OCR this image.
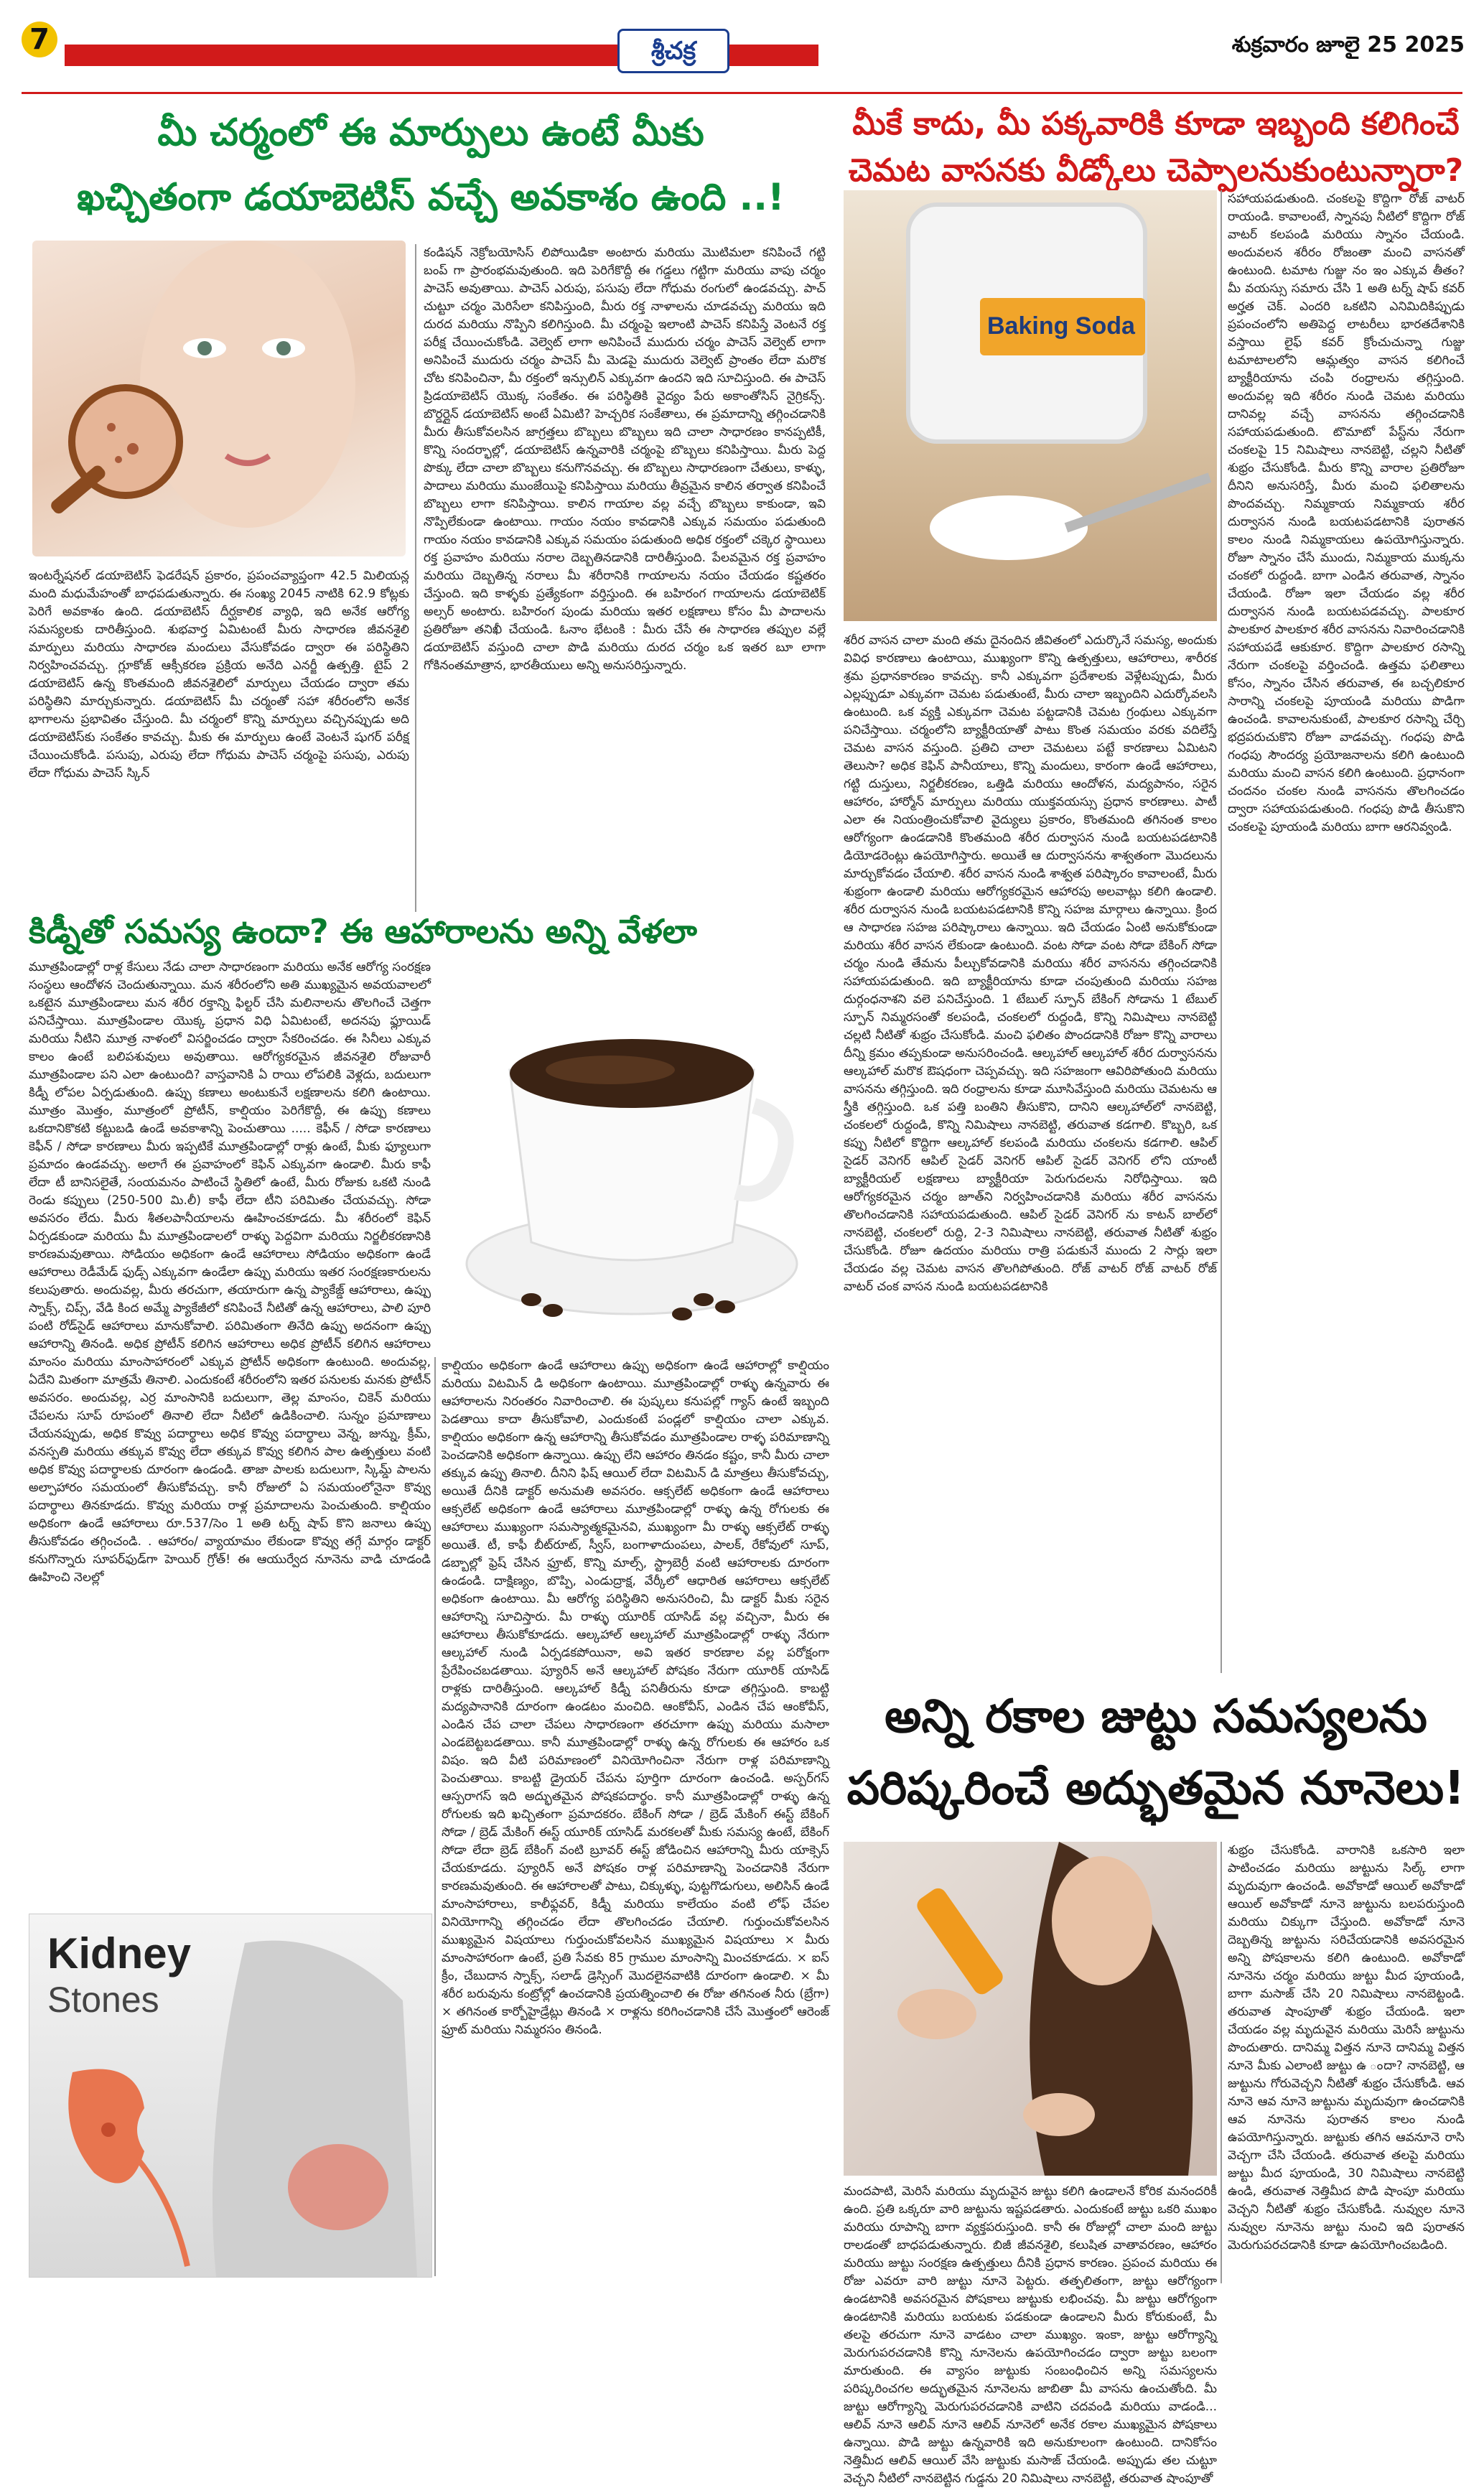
7	శ్రీచక్ర	శుక్రవారం జూలై 25 2025
మీ చర్మంలో ఈ మార్పులు ఉంటే మీకు
ఖచ్చితంగా డయాబెటిస్ వచ్చే అవకాశం ఉంది ..!
కండిషన్ నెక్రోబయోసిస్ లిపోయిడికా అంటారు మరియు మొటిమలా కనిపించే గట్టి బంప్ గా ప్రారంభమవుతుంది. ఇది పెరిగేకొద్దీ ఈ గడ్డలు గట్టిగా మరియు వాపు చర్మం పాచెస్ అవుతాయి. పాచెస్ ఎరుపు, పసుపు లేదా గోధుమ రంగులో ఉండవచ్చు. పాచ్ చుట్టూ చర్మం మెరిసేలా కనిపిస్తుంది, మీరు రక్త నాళాలను చూడవచ్చు మరియు ఇది దురద మరియు నొప్పిని కలిగిస్తుంది. మీ చర్మంపై ఇలాంటి పాచెస్ కనిపిస్తే వెంటనే రక్త పరీక్ష చేయించుకోండి. వెల్వెట్ లాగా అనిపించే ముదురు చర్మం పాచెస్ వెల్వెట్ లాగా అనిపించే ముదురు చర్మం పాచెస్ మీ మెడపై ముదురు వెల్వెట్ ప్రాంతం లేదా మరొక చోట కనిపించినా, మీ రక్తంలో ఇన్సులిన్ ఎక్కువగా ఉందని ఇది సూచిస్తుంది. ఈ పాచెస్ ప్రిడయాబెటిస్ యొక్క సంకేతం. ఈ పరిస్థితికి వైద్యం పేరు అకాంతోసిస్ నైగ్రికన్స్. బొర్డర్లైన్ డయాబెటిస్ అంటే ఏమిటి? హెచ్చరిక సంకేతాలు, ఈ ప్రమాదాన్ని తగ్గించడానికి మీరు తీసుకోవలసిన జాగ్రత్తలు బొబ్బలు బొబ్బలు ఇది చాలా సాధారణం కానప్పటికీ, కొన్ని సందర్భాల్లో, డయాబెటిస్ ఉన్నవారికి చర్మంపై బొబ్బలు కనిపిస్తాయి. మీరు పెద్ద పొక్కు లేదా చాలా బొబ్బలు కనుగొనవచ్చు. ఈ బొబ్బలు సాధారణంగా చేతులు, కాళ్ళు, పాదాలు మరియు ముంజేయిపై కనిపిస్తాయి మరియు తీవ్రమైన కాలిన తర్వాత కనిపించే బొబ్బలు లాగా కనిపిస్తాయి. కాలిన గాయాల వల్ల వచ్చే బొబ్బలు కాకుండా, ఇవి నొప్పిలేకుండా ఉంటాయి. గాయం నయం కావడానికి ఎక్కువ సమయం పడుతుంది గాయం నయం కావడానికి ఎక్కువ సమయం పడుతుంది అధిక రక్తంలో చక్కెర స్థాయిలు రక్త ప్రవాహం మరియు నరాల దెబ్బతినడానికి దారితీస్తుంది. పేలవమైన రక్త ప్రవాహం మరియు దెబ్బతిన్న నరాలు మీ శరీరానికి గాయాలను నయం చేయడం కష్టతరం చేస్తుంది. ఇది కాళ్ళకు ప్రత్యేకంగా వర్తిస్తుంది. ఈ బహిరంగ గాయాలను డయాబెటిక్ అల్సర్ అంటారు. బహిరంగ పుండు మరియు ఇతర లక్షణాలు కోసం మీ పాదాలను ప్రతిరోజూ తనిఖీ చేయండి. ఓనాం భేటంకి : మీరు చేసే ఈ సాధారణ తప్పుల వల్లే డయాబెటిస్ వస్తుంది చాలా పొడి మరియు దురద చర్మం ఒక ఇతర బూ లాగా గోకినంతమాత్రాన, భారతీయులు అన్ని అనుసరిస్తున్నారు.
ఇంటర్నేషనల్ డయాబెటిస్ ఫెడరేషన్ ప్రకారం, ప్రపంచవ్యాప్తంగా 42.5 మిలియన్ల మంది మధుమేహంతో బాధపడుతున్నారు. ఈ సంఖ్య 2045 నాటికి 62.9 కోట్లకు పెరిగే అవకాశం ఉంది. డయాబెటిస్ దీర్ఘకాలిక వ్యాధి, ఇది అనేక ఆరోగ్య సమస్యలకు దారితీస్తుంది. శుభవార్త ఏమిటంటే మీరు సాధారణ జీవనశైలి మార్పులు మరియు సాధారణ మందులు వేసుకోవడం ద్వారా ఈ పరిస్థితిని నిర్వహించవచ్చు. గ్లూకోజ్ ఆక్సీకరణ ప్రక్రియ అనేది ఎనర్జీ ఉత్పత్తి. టైప్ 2 డయాబెటిస్ ఉన్న కొంతమంది జీవనశైలిలో మార్పులు చేయడం ద్వారా తమ పరిస్థితిని మార్చుకున్నారు. డయాబెటిస్ మీ చర్మంతో సహా శరీరంలోని అనేక భాగాలను ప్రభావితం చేస్తుంది. మీ చర్మంలో కొన్ని మార్పులు వచ్చినప్పుడు అది డయాబెటిస్‌కు సంకేతం కావచ్చు. మీకు ఈ మార్పులు ఉంటే వెంటనే షుగర్ పరీక్ష చేయించుకోండి. పసుపు, ఎరుపు లేదా గోధుమ పాచెస్ చర్మంపై పసుపు, ఎరుపు లేదా గోధుమ పాచెస్ స్కిన్
కిడ్నీతో సమస్య ఉందా? ఈ ఆహారాలను అన్ని వేళలా
మూత్రపిండాల్లో రాళ్ల కేసులు నేడు చాలా సాధారణంగా మరియు అనేక ఆరోగ్య సంరక్షణ సంస్థలు ఆందోళన చెందుతున్నాయి. మన శరీరంలోని అతి ముఖ్యమైన అవయవాలలో ఒకటైన మూత్రపిండాలు మన శరీర రక్తాన్ని ఫిల్టర్ చేసి మలినాలను తొలగించే చెత్తగా పనిచేస్తాయి. మూత్రపిండాల యొక్క ప్రధాన విధి ఏమిటంటే, అదనపు ఫ్లూయిడ్ మరియు నీటిని మూత్ర నాళంలో విసర్జించడం ద్వారా సేకరించడం. ఈ సినీలు ఎక్కువ కాలం ఉంటే బలిపశువులు అవుతాయి. ఆరోగ్యకరమైన జీవనశైలి రోజువారీ మూత్రపిండాల పని ఎలా ఉంటుంది? వాస్తవానికి ఏ రాయి లోపలికి వెళ్లదు, బదులుగా కిడ్నీ లోపల ఏర్పడుతుంది. ఉప్పు కణాలు అంటుకునే లక్షణాలను కలిగి ఉంటాయి. మూత్రం మొత్తం, మూత్రంలో ప్రోటీన్, కాల్షియం పెరిగేకొద్దీ, ఈ ఉప్పు కణాలు ఒకదానికొకటి కట్టుబడి ఉండే అవకాశాన్ని పెంచుతాయి ..... కెఫీన్ / సోడా కారణాలు కెఫీన్ / సోడా కారణాలు మీరు ఇప్పటికే మూత్రపిండాల్లో రాళ్లు ఉంటే, మీకు ఫ్యూలుగా ప్రమాదం ఉండవచ్చు. అలాగే ఈ ప్రవాహంలో కెఫిన్ ఎక్కువగా ఉండాలి. మీరు కాఫీ లేదా టీ బానిసలైతే, సంయమనం పాటించే స్థితిలో ఉంటే, మీరు రోజుకు ఒకటి నుండి రెండు కప్పులు (250-500 మి.లీ) కాఫీ లేదా టీని పరిమితం చేయవచ్చు. సోడా అవసరం లేదు. మీరు శీతలపానీయాలను ఊహించకూడదు. మీ శరీరంలో కెఫిన్ ఏర్పడకుండా మరియు మీ మూత్రపిండాలలో రాళ్ళు పెద్దవిగా మరియు నిర్జలీకరణానికి కారణమవుతాయి. సోడియం అధికంగా ఉండే ఆహారాలు సోడియం అధికంగా ఉండే ఆహారాలు రెడీమేడ్ ఫుడ్స్ ఎక్కువగా ఉండేలా ఉప్పు మరియు ఇతర సంరక్షణకారులను కలుపుతారు. అందువల్ల, మీరు తరచుగా, తయారుగా ఉన్న ప్యాకేజ్డ్ ఆహారాలు, ఉప్పు స్నాక్స్, చిప్స్, వేడి కింద అమ్మే ప్యాకేజీలో కనిపించే నీటితో ఉన్న ఆహారాలు, పాలి పూరి పంటి రోడ్‌సైడ్ ఆహారాలు మానుకోవాలి. పరిమితంగా తినేది ఉప్పు అదనంగా ఉప్పు ఆహారాన్ని తినండి. అధిక ప్రోటీన్ కలిగిన ఆహారాలు అధిక ప్రోటీన్ కలిగిన ఆహారాలు మాంసం మరియు మాంసాహారంలో ఎక్కువ ప్రోటీన్ అధికంగా ఉంటుంది. అందువల్ల, ఏదేని మితంగా మాత్రమే తినాలి. ఎందుకంటే శరీరంలోని ఇతర పనులకు మనకు ప్రోటీన్ అవసరం. అందువల్ల, ఎర్ర మాంసానికి బదులుగా, తెల్ల మాంసం, చికెన్ మరియు చేపలను సూప్ రూపంలో తినాలి లేదా నీటిలో ఉడికించాలి. సున్నం ప్రమాణాలు చేయనప్పుడు, అధిక కొవ్వు పదార్థాలు అధిక కొవ్వు పదార్థాలు వెన్న, జున్ను, క్రీమ్, వనస్పతి మరియు తక్కువ కొవ్వు లేదా తక్కువ కొవ్వు కలిగిన పాల ఉత్పత్తులు వంటి అధిక కొవ్వు పదార్థాలకు దూరంగా ఉండండి. తాజా పాలకు బదులుగా, స్కిమ్డ్ పాలను అల్పాహారం సమయంలో తీసుకోవచ్చు. కానీ రోజులో ఏ సమయంలోనైనా కొవ్వు పదార్థాలు తినకూడదు. కొవ్వు మరియు రాళ్ల ప్రమాదాలను పెంచుతుంది. కాల్షియం అధికంగా ఉండే ఆహారాలు రూ.537/సెం 1 అతి టర్న్ షాప్ కొని జనాలు ఉప్పు తీసుకోవడం తగ్గించండి. . ఆహారం/ వ్యాయామం లేకుండా కొవ్వు తగ్గే మార్గం డాక్టర్ కనుగొన్నారు సూపర్‌ఫుడ్‌గా హెయిర్ గ్రోత్! ఈ ఆయుర్వేద నూనెను వాడి చూడండి ఊహించి నెలల్లో
కాల్షియం అధికంగా ఉండే ఆహారాలు ఉప్పు అధికంగా ఉండే ఆహారాల్లో కాల్షియం మరియు విటమిన్ డి అధికంగా ఉంటాయి. మూత్రపిండాల్లో రాళ్ళు ఉన్నవారు ఈ ఆహారాలను నిరంతరం నివారించాలి. ఈ పుష్కలు కనుపల్లో గ్యాస్ ఉంటే ఇబ్బంది పెడతాయి కాదా తీసుకోవాలి, ఎందుకంటే పండ్లలో కాల్షియం చాలా ఎక్కువ. కాల్షియం అధికంగా ఉన్న ఆహారాన్ని తీసుకోవడం మూత్రపిండాల రాళ్ళ పరిమాణాన్ని పెంచడానికి అధికంగా ఉన్నాయి. ఉప్పు లేని ఆహారం తినడం కష్టం, కానీ మీరు చాలా తక్కువ ఉప్పు తినాలి. దీనిని ఫిష్ ఆయిల్ లేదా విటమిన్ డి మాత్రలు తీసుకోవచ్చు, అయితే దీనికి డాక్టర్ అనుమతి అవసరం. ఆక్సలేట్ అధికంగా ఉండే ఆహారాలు ఆక్సలేట్ అధికంగా ఉండే ఆహారాలు మూత్రపిండాల్లో రాళ్ళు ఉన్న రోగులకు ఈ ఆహారాలు ముఖ్యంగా సమస్యాత్మకమైనవి, ముఖ్యంగా మీ రాళ్ళు ఆక్సలేట్ రాళ్ళు అయితే. టీ, కాఫీ బీట్‌రూట్, స్వీస్, బంగాళాదుంపలు, పాలక్, రేకోవులో సూప్, డబ్బాల్లో ఫ్రెష్ చేసిన ఫ్రూట్, కొన్ని మాల్స్, స్ట్రాబెర్రీ వంటి ఆహారాలకు దూరంగా ఉండండి. దాక్షిణ్యం, బొప్పి, ఎండుద్రాక్ష, వేర్కీలో ఆధారిత ఆహారాలు ఆక్సలేట్ అధికంగా ఉంటాయి. మీ ఆరోగ్య పరిస్థితిని అనుసరించి, మీ డాక్టర్ మీకు సరైన ఆహారాన్ని సూచిస్తారు. మీ రాళ్ళు యూరిక్ యాసిడ్ వల్ల వచ్చినా, మీరు ఈ ఆహారాలు తీసుకోకూడదు. ఆల్కహాల్ ఆల్కహాల్ మూత్రపిండాల్లో రాళ్ళు నేరుగా ఆల్కహాల్ నుండి ఏర్పడకపోయినా, అవి ఇతర కారణాల వల్ల పరోక్షంగా ప్రేరేపించబడతాయి. ప్యూరిన్ అనే ఆల్కహాల్ పోషకం నేరుగా యూరిక్ యాసిడ్ రాళ్లకు దారితీస్తుంది. ఆల్కహాల్ కిడ్నీ పనితీరును కూడా తగ్గిస్తుంది. కాబట్టి మద్యపానానికి దూరంగా ఉండటం మంచిది. ఆంకోవీస్, ఎండిన చేప ఆంకోవీస్, ఎండిన చేప చాలా చేపలు సాధారణంగా తరచూగా ఉప్పు మరియు మసాలా ఎండబెట్టబడతాయి. కానీ మూత్రపిండాల్లో రాళ్ళు ఉన్న రోగులకు ఈ ఆహారం ఒక విషం. ఇది వీటి పరిమాణంలో వినియోగించినా నేరుగా రాళ్ల పరిమాణాన్ని పెంచుతాయి. కాబట్టి డ్రైయర్ చేపను పూర్తిగా దూరంగా ఉంచండి. అస్పర్‌గస్ ఆస్పరాగస్ ఇది అద్భుతమైన పోషకపదార్థం. కానీ మూత్రపిండాల్లో రాళ్ళు ఉన్న రోగులకు ఇది ఖచ్చితంగా ప్రమాదకరం. బేకింగ్ సోడా / బ్రెడ్ మేకింగ్ ఈస్ట్ బేకింగ్ సోడా / బ్రెడ్ మేకింగ్ ఈస్ట్ యూరిక్ యాసిడ్ మరకలతో మీకు సమస్య ఉంటే, బేకింగ్ సోడా లేదా బ్రెడ్ బేకింగ్ వంటి బ్రూవర్ ఈస్ట్ జోడించిన ఆహారాన్ని మీరు యాక్సెస్ చేయకూడదు. ప్యూరిన్ అనే పోషకం రాళ్ల పరిమాణాన్ని పెంచడానికి నేరుగా కారణమవుతుంది. ఈ ఆహారాలతో పాటు, చిక్కుళ్ళు, పుట్టగొడుగులు, అలిసిన్ ఉండే మాంసాహారాలు, కాలీఫ్లవర్, కిడ్నీ మరియు కాలేయం వంటి లోఫ్ చేపల వినియోగాన్ని తగ్గించడం లేదా తొలగించడం చేయాలి. గుర్తుంచుకోవలసిన ముఖ్యమైన విషయాలు గుర్తుంచుకోవలసిన ముఖ్యమైన విషయాలు × మీరు మాంసాహారంగా ఉంటే, ప్రతి సేవకు 85 గ్రాముల మాంసాన్ని మించకూడదు. × ఐస్ క్రీం, చేబుదాన స్నాక్స్, సలాడ్ డ్రెస్సింగ్ మొదలైనవాటికి దూరంగా ఉండాలి. × మీ శరీర బరువును కంట్రోల్లో ఉంచడానికి ప్రయత్నించాలి ఈ రోజు తగినంత నీరు (బ్రేగా) × తగినంత కార్బోహైడ్రేట్లు తినండి × రాళ్లను కరిగించడానికి చేసే మొత్తంలో ఆరెంజ్ ఫ్రూట్ మరియు నిమ్మరసం తినండి.
Kidney
Stones
మీకే కాదు, మీ పక్కవారికి కూడా ఇబ్బంది కలిగించే
చెమట వాసనకు వీడ్కోలు చెప్పాలనుకుంటున్నారా?
Baking Soda
శరీర వాసన చాలా మంది తమ దైనందిన జీవితంలో ఎదుర్కొనే సమస్య, అందుకు వివిధ కారణాలు ఉంటాయి, ముఖ్యంగా కొన్ని ఉత్పత్తులు, ఆహారాలు, శారీరక శ్రమ ప్రధానకారణం కావచ్చు. కానీ ఎక్కువగా ప్రదేశాలకు వెళ్లేటప్పుడు, మీరు ఎల్లప్పుడూ ఎక్కువగా చెమట పడుతుంటే, మీరు చాలా ఇబ్బందిని ఎదుర్కోవలసి ఉంటుంది. ఒక వ్యక్తి ఎక్కువగా చెమట పట్టడానికి చెమట గ్రంథులు ఎక్కువగా పనిచేస్తాయి. చర్మంలోని బ్యాక్టీరియాతో పాటు కొంత సమయం వరకు వదిలేస్తే చెమట వాసన వస్తుంది. ప్రతిచి చాలా చెమటలు పట్టే కారణాలు ఏమిటని తెలుసా? అధిక కెఫిన్ పానీయాలు, కొన్ని మందులు, కారంగా ఉండే ఆహారాలు, గట్టి దుస్తులు, నిర్జలీకరణం, ఒత్తిడి మరియు ఆందోళన, మద్యపానం, సరైన ఆహారం, హార్మోన్ మార్పులు మరియు యుక్తవయస్సు ప్రధాన కారణాలు. పాటీ ఎలా ఈ నియంత్రించుకోవాలి వైద్యులు ప్రకారం, కొంతమంది తగినంత కాలం ఆరోగ్యంగా ఉండడానికి కొంతమంది శరీర దుర్వాసన నుండి బయటపడటానికి డియోడరెంట్లు ఉపయోగిస్తారు. అయితే ఆ దుర్వాసనను శాశ్వతంగా మొదలును మార్చుకోవడం చేయాలి. శరీర వాసన నుండి శాశ్వత పరిష్కారం కావాలంటే, మీరు శుభ్రంగా ఉండాలి మరియు ఆరోగ్యకరమైన ఆహారపు అలవాట్లు కలిగి ఉండాలి. శరీర దుర్వాసన నుండి బయటపడటానికి కొన్ని సహజ మార్గాలు ఉన్నాయి. క్రింద ఆ సాధారణ సహజ పరిష్కారాలు ఉన్నాయి. ఇది చేయడం ఏంటి అనుకోకుండా మరియు శరీర వాసన లేకుండా ఉంటుంది. వంట సోడా వంట సోడా బేకింగ్ సోడా చర్మం నుండి తేమను పీల్చుకోవడానికి మరియు శరీర వాసనను తగ్గించడానికి సహాయపడుతుంది. ఇది బ్యాక్టీరియాను కూడా చంపుతుంది మరియు సహజ దుర్గంధనాశని వలె పనిచేస్తుంది. 1 టేబుల్ స్పూన్ బేకింగ్ సోడాను 1 టేబుల్ స్పూన్ నిమ్మరసంతో కలపండి, చంకలలో రుద్దండి, కొన్ని నిమిషాలు నానబెట్టి చల్లటి నీటితో శుభ్రం చేసుకోండి. మంచి ఫలితం పొందడానికి రోజూ కొన్ని వారాలు దీన్ని క్రమం తప్పకుండా అనుసరించండి. ఆల్కహాల్ ఆల్కహాల్ శరీర దుర్వాసనను ఆల్కహాల్ మరొక ఔషధంగా చెప్పవచ్చు. ఇది సహజంగా ఆవిరిపోతుంది మరియు వాసనను తగ్గిస్తుంది. ఇది రంధ్రాలను కూడా మూసివేస్తుంది మరియు చెమటను ఆ స్త్రీకి తగ్గిస్తుంది. ఒక పత్తి బంతిని తీసుకొని, దానిని ఆల్కహాల్‌లో నానబెట్టి, చంకలలో రుద్దండి, కొన్ని నిమిషాలు నానబెట్టి, తరువాత కడగాలి. కొబ్బరి, ఒక కప్పు నీటిలో కొద్దిగా ఆల్కహాల్ కలపండి మరియు చంకలను కడగాలి. ఆపిల్ సైడర్ వెనిగర్ ఆపిల్ సైడర్ వెనిగర్ ఆపిల్ సైడర్ వెనిగర్‌ లోని యాంటీ బ్యాక్టీరియల్ లక్షణాలు బ్యాక్టీరియా పెరుగుదలను నిరోధిస్తాయి. ఇది ఆరోగ్యకరమైన చర్మం జూత్‌ని నిర్వహించడానికి మరియు శరీర వాసనను తొలగించడానికి సహాయపడుతుంది. ఆపిల్ సైడర్ వెనిగర్ ను కాటన్ బాల్‌లో నానబెట్టి, చంకలలో రుద్ది, 2-3 నిమిషాలు నానబెట్టి, తరువాత నీటితో శుభ్రం చేసుకోండి. రోజూ ఉదయం మరియు రాత్రి పడుకునే ముందు 2 సార్లు ఇలా చేయడం వల్ల చెమట వాసన తొలగిపోతుంది. రోజ్ వాటర్ రోజ్ వాటర్ రోజ్ వాటర్ చంక వాసన నుండి బయటపడటానికి
సహాయపడుతుంది. చంకలపై కొద్దిగా రోజ్ వాటర్ రాయండి. కావాలంటే, స్నానపు నీటిలో కొద్దిగా రోజ్ వాటర్ కలపండి మరియు స్నానం చేయండి. అందువలన శరీరం రోజంతా మంచి వాసనతో ఉంటుంది. టమాట గుజ్జు నం ఇం ఎక్కువ తీతం? మీ వయస్సు సమారు చేసి 1 అతి టర్న్ షాప్ కవర్ అర్హత చెక్. ఎందరి ఒకటిని ఎనిమిదికిప్పుడు ప్రపంచంలోని అతిపెద్ద లాటరీలు భారతదేశానికి వస్తాయి లైఫ్ కవర్ క్రోంచుచున్నా గుజ్జు టమాటాలలోని ఆమ్లత్వం వాసన కలిగించే బ్యాక్టీరియాను చంపి రంధ్రాలను తగ్గిస్తుంది. అందువల్ల ఇది శరీరం నుండి చెమట మరియు దానివల్ల వచ్చే వాసనను తగ్గించడానికి సహాయపడుతుంది. టొమాటో పేస్ట్‌ను నేరుగా చంకలపై 15 నిమిషాలు నానబెట్టి, చల్లని నీటితో శుభ్రం చేసుకోండి. మీరు కొన్ని వారాల ప్రతిరోజూ దీనిని అనుసరిస్తే, మీరు మంచి ఫలితాలను పొందవచ్చు. నిమ్మకాయ నిమ్మకాయ శరీర దుర్వాసన నుండి బయటపడటానికి పురాతన కాలం నుండి నిమ్మకాయలు ఉపయోగిస్తున్నారు. రోజూ స్నానం చేసే ముందు, నిమ్మకాయ ముక్కను చంకలో రుద్దండి. బాగా ఎండిన తరువాత, స్నానం చేయండి. రోజూ ఇలా చేయడం వల్ల శరీర దుర్వాసన నుండి బయటపడవచ్చు. పాలకూర పాలకూర పాలకూర శరీర వాసనను నివారించడానికి సహాయపడే ఆకుకూర. కొద్దిగా పాలకూర రసాన్ని నేరుగా చంకలపై వర్తించండి. ఉత్తమ ఫలితాలు కోసం, స్నానం చేసిన తరువాత, ఈ బచ్చలికూర సారాన్ని చంకలపై పూయండి మరియు పొడిగా ఉంచండి. కావాలనుకుంటే, పాలకూర రసాన్ని చేర్చి భద్రపరుచుకొని రోజూ వాడవచ్చు. గంధపు పొడి గంధపు సౌందర్య ప్రయోజనాలను కలిగి ఉంటుంది మరియు మంచి వాసన కలిగి ఉంటుంది. ప్రధానంగా చందనం చంకల నుండి వాసనను తొలగించడం ద్వారా సహాయపడుతుంది. గంధపు పొడి తీసుకొని చంకలపై పూయండి మరియు బాగా ఆరనివ్వండి.
అన్ని రకాల జుట్టు సమస్యలను
పరిష్కరించే అద్భుతమైన నూనెలు!
శుభ్రం చేసుకోండి. వారానికి ఒకసారి ఇలా పాటించడం మరియు జుట్టును సిల్క్ లాగా మృదువుగా ఉంచండి. అవోకాడో ఆయిల్ అవోకాడో ఆయిల్ అవోకాడో నూనె జుట్టును బలపరుస్తుంది మరియు చిక్కుగా చేస్తుంది. అవోకాడో నూనె దెబ్బతిన్న జుట్టును సరిచేయడానికి అవసరమైన అన్ని పోషకాలను కలిగి ఉంటుంది. అవోకాడో నూనెను చర్మం మరియు జుట్టు మీద పూయండి, బాగా మసాజ్ చేసి 20 నిమిషాలు నానబెట్టండి. తరువాత షాంపూతో శుభ్రం చేయండి. ఇలా చేయడం వల్ల మృదువైన మరియు మెరిసే జుట్టును పొందుతారు. దానిమ్మ విత్తన నూనె దానిమ్మ విత్తన నూనె మీకు ఎలాంటి జుట్టు ఉ ందా? నానబెట్టి, ఆ జుట్టును గోరువెచ్చని నీటితో శుభ్రం చేసుకోండి. ఆవ నూనె ఆవ నూనె జుట్టును మృదువుగా ఉంచడానికి ఆవ నూనెను పురాతన కాలం నుండి ఉపయోగిస్తున్నారు. జుట్టుకు తగిన ఆవనూనె రాసి వెచ్చగా చేసి చేయండి. తరువాత తలపై మరియు జుట్టు మీద పూయండి, 30 నిమిషాలు నానబెట్టి ఉండి, తరువాత నెత్తిమీద పొడి షాంపూ మరియు వెచ్చని నీటితో శుభ్రం చేసుకోండి. నువ్వుల నూనె నువ్వుల నూనెను జుట్టు నుంచి ఇది పురాతన మెరుగుపరచడానికి కూడా ఉపయోగించబడింది.
మందపాటి, మెరిసే మరియు మృదువైన జుట్టు కలిగి ఉండాలనే కోరిక మనందరికీ ఉంది. ప్రతి ఒక్కరూ వారి జుట్టును ఇష్టపడతారు. ఎందుకంటే జుట్టు ఒకరి ముఖం మరియు రూపాన్ని బాగా వ్యక్తపరుస్తుంది. కానీ ఈ రోజుల్లో చాలా మంది జుట్టు రాలడంతో బాధపడుతున్నారు. బిజీ జీవనశైలి, కలుషిత వాతావరణం, ఆహారం మరియు జుట్టు సంరక్షణ ఉత్పత్తులు దీనికి ప్రధాన కారణం. ప్రపంచ మరియు ఈ రోజు ఎవరూ వారి జుట్టు నూనె పెట్టరు. తత్ఫలితంగా, జుట్టు ఆరోగ్యంగా ఉండటానికి అవసరమైన పోషకాలు జుట్టుకు లభించవు. మీ జుట్టు ఆరోగ్యంగా ఉండటానికి మరియు బయటకు పడకుండా ఉండాలని మీరు కోరుకుంటే, మీ తలపై తరచుగా నూనె వాడటం చాలా ముఖ్యం. ఇంకా, జుట్టు ఆరోగ్యాన్ని మెరుగుపరచడానికి కొన్ని నూనెలను ఉపయోగించడం ద్వారా జుట్టు బలంగా మారుతుంది. ఈ వ్యాసం జుట్టుకు సంబంధించిన అన్ని సమస్యలను పరిష్కరించగల అద్భుతమైన నూనెలను జాబితా మీ వాసను ఉంచుతోంది. మీ జుట్టు ఆరోగ్యాన్ని మెరుగుపరచడానికి వాటిని చదవండి మరియు వాడండి... ఆలివ్ నూనె ఆలివ్ నూనె ఆలివ్ నూనెలో అనేక రకాల ముఖ్యమైన పోషకాలు ఉన్నాయి. పొడి జుట్టు ఉన్నవారికి ఇది అనుకూలంగా ఉంటుంది. దానికోసం నెత్తిమీద ఆలివ్ ఆయిల్ వేసి జుట్టుకు మసాజ్ చేయండి. అప్పుడు తల చుట్టూ వెచ్చని నీటిలో నానబెట్టిన గుడ్డను 20 నిమిషాలు నానబెట్టి, తరువాత షాంపూతో
